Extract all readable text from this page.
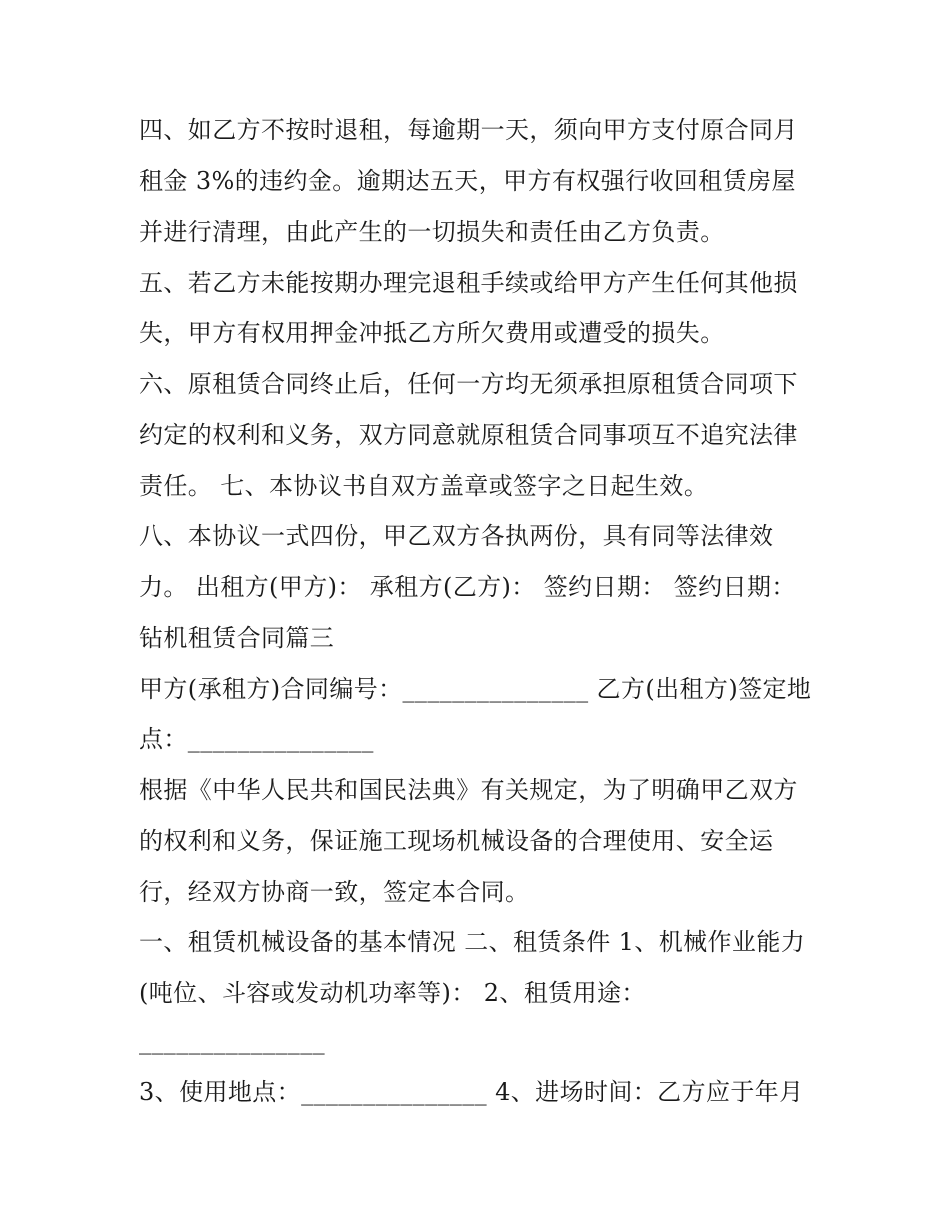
四、如乙方不按时退租，每逾期一天，须向甲方支付原合同月
租金 3%的违约金。逾期达五天，甲方有权强行收回租赁房屋
并进行清理，由此产生的一切损失和责任由乙方负责。
五、若乙方未能按期办理完退租手续或给甲方产生任何其他损
失，甲方有权用押金冲抵乙方所欠费用或遭受的损失。
六、原租赁合同终止后，任何一方均无须承担原租赁合同项下
约定的权利和义务，双方同意就原租赁合同事项互不追究法律
责任。 七、本协议书自双方盖章或签字之日起生效。
八、本协议一式四份，甲乙双方各执两份，具有同等法律效
力。 出租方(甲方)： 承租方(乙方)： 签约日期： 签约日期：
钻机租赁合同篇三
甲方(承租方)合同编号：_______________ 乙方(出租方)签定地
点：_______________
根据《中华人民共和国民法典》有关规定，为了明确甲乙双方
的权利和义务，保证施工现场机械设备的合理使用、安全运
行，经双方协商一致，签定本合同。
一、租赁机械设备的基本情况 二、租赁条件 1、机械作业能力
(吨位、斗容或发动机功率等)： 2、租赁用途：
_______________
3、使用地点：_______________ 4、进场时间：乙方应于年月
